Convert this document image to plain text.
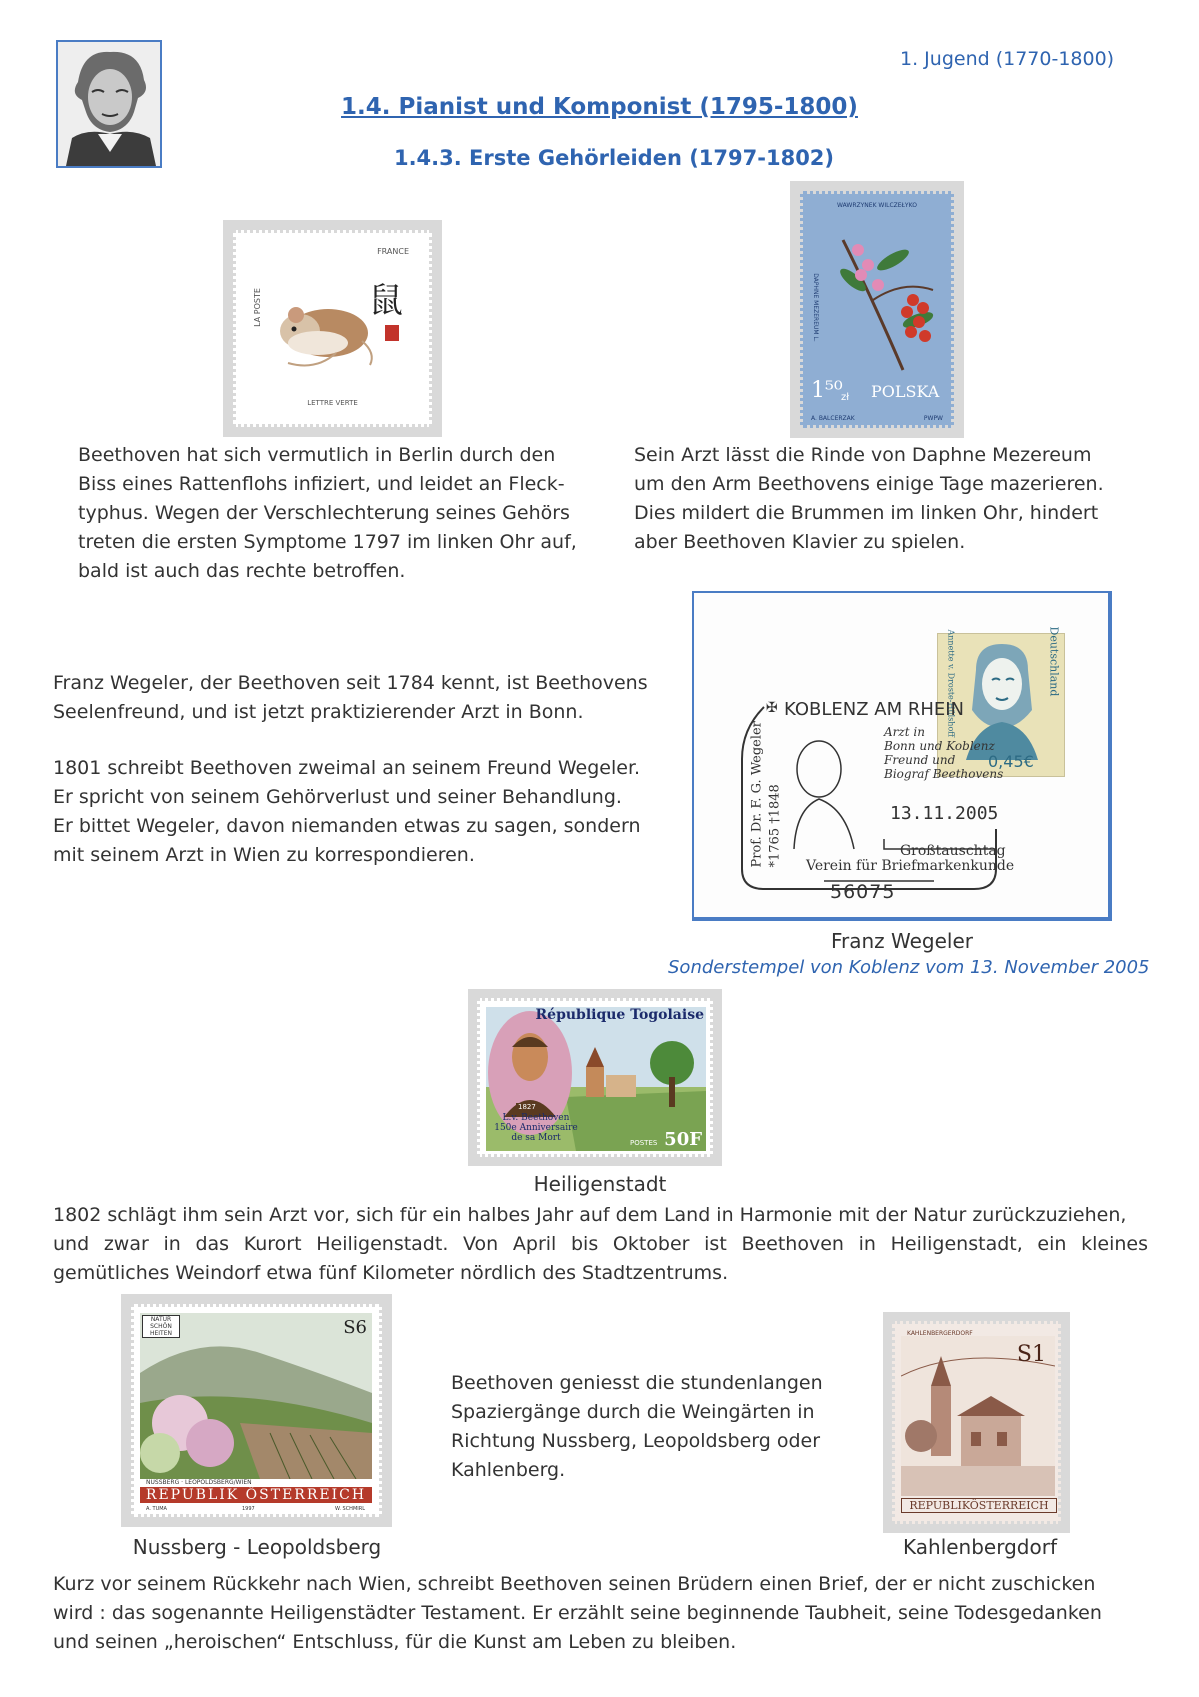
1. Jugend (1770-1800)
1.4. Pianist und Komponist (1795-1800)
1.4.3. Erste Gehörleiden (1797-1802)
LA POSTE
FRANCE
鼠
LETTRE VERTE
WAWRZYNEK WILCZEŁYKO
DAPHNE MEZEREUM L.
1⁵⁰
zł POLSKA
A. BALCERZAK	PWPW
Beethoven hat sich vermutlich in Berlin durch den
Biss eines Rattenflohs infiziert, und leidet an Fleck-
typhus. Wegen der Verschlechterung seines Gehörs
treten die ersten Symptome 1797 im linken Ohr auf,
bald ist auch das rechte betroffen.
Sein Arzt lässt die Rinde von Daphne Mezereum
um den Arm Beethovens einige Tage mazerieren.
Dies mildert die Brummen im linken Ohr, hindert
aber Beethoven Klavier zu spielen.
Franz Wegeler, der Beethoven seit 1784 kennt, ist Beethovens
Seelenfreund, und ist jetzt praktizierender Arzt in Bonn.
1801 schreibt Beethoven zweimal an seinem Freund Wegeler.
Er spricht von seinem Gehörverlust und seiner Behandlung.
Er bittet Wegeler, davon niemanden etwas zu sagen, sondern
mit seinem Arzt in Wien zu korrespondieren.
Deutschland
Annette v. Droste-Hülshoff
0,45€
✠ KOBLENZ AM RHEIN
Prof. Dr. F. G. Wegeler *1765 †1848
Arzt in
Bonn und Koblenz
Freund und
Biograf Beethovens
13.11.2005
Großtauschtag
Verein für Briefmarkenkunde
56075
Franz Wegeler
Sonderstempel von Koblenz vom 13. November 2005
République Togolaise
1827
L.v. Beethoven
150e Anniversaire
de sa Mort	POSTES 50F
Heiligenstadt
1802 schlägt ihm sein Arzt vor, sich für ein halbes Jahr auf dem Land in Harmonie mit der Natur zurückzuziehen,
und zwar in das Kurort Heiligenstadt. Von April bis Oktober ist Beethoven in Heiligenstadt, ein kleines
gemütliches Weindorf etwa fünf Kilometer nördlich des Stadtzentrums.
NATUR SCHÖN HEITEN	S6
NUSSBERG · LEOPOLDSBERG/WIEN
REPUBLIK ÖSTERREICH
A. TUMA	1997	W. SCHMIRL
Nussberg - Leopoldsberg
Beethoven geniesst die stundenlangen
Spaziergänge durch die Weingärten in
Richtung Nussberg, Leopoldsberg oder
Kahlenberg.
KAHLENBERGERDORF
S1
REPUBLIKÖSTERREICH
Kahlenbergdorf
Kurz vor seinem Rückkehr nach Wien, schreibt Beethoven seinen Brüdern einen Brief, der er nicht zuschicken
wird : das sogenannte Heiligenstädter Testament. Er erzählt seine beginnende Taubheit, seine Todesgedanken
und seinen „heroischen“ Entschluss, für die Kunst am Leben zu bleiben.
